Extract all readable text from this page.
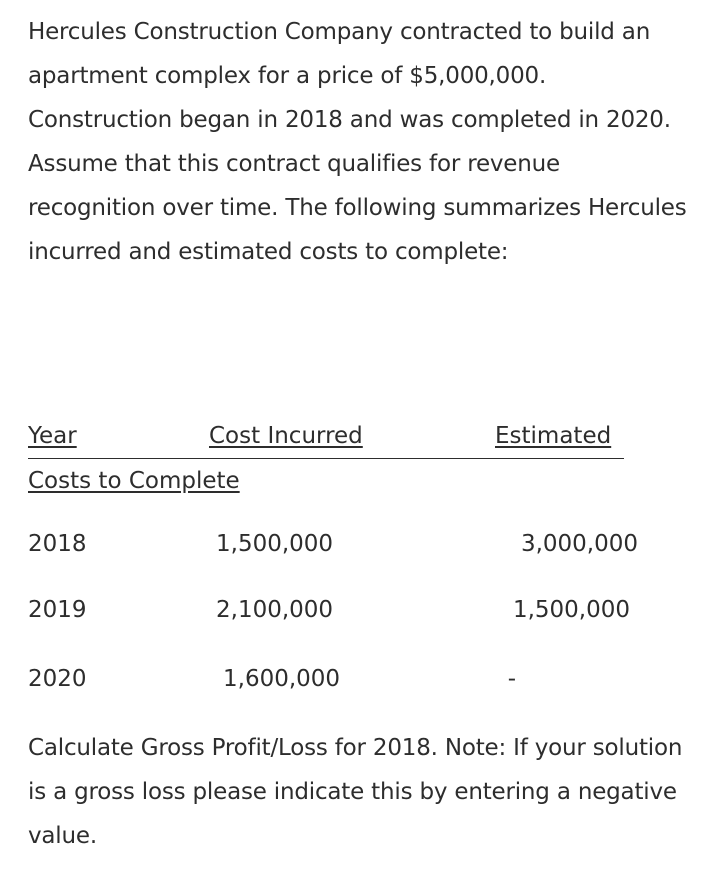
Hercules Construction Company contracted to build an apartment complex for a price of $5,000,000. Construction began in 2018 and was completed in 2020. Assume that this contract qualifies for revenue recognition over time. The following summarizes Hercules incurred and estimated costs to complete:

Year	Cost Incurred	Estimated
Costs to Complete
2018	1,500,000	3,000,000
2019	2,100,000	1,500,000
2020	1,600,000	-

Calculate Gross Profit/Loss for 2018. Note: If your solution is a gross loss please indicate this by entering a negative value.
